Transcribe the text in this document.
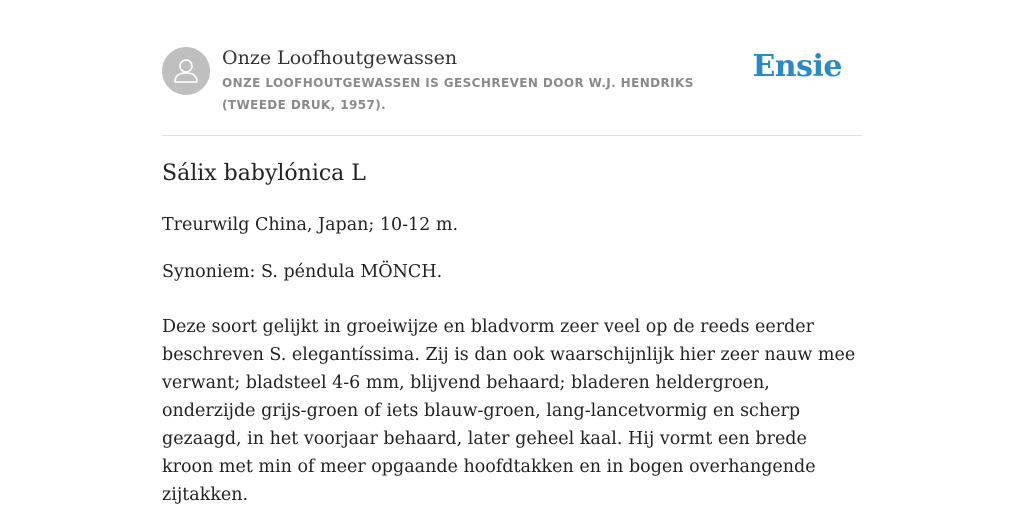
Onze Loofhoutgewassen
ONZE LOOFHOUTGEWASSEN IS GESCHREVEN DOOR W.J. HENDRIKS (TWEEDE DRUK, 1957).
Ensie
Sálix babylónica L

Treurwilg China, Japan; 10-12 m.

Synoniem: S. péndula MÖNCH.

Deze soort gelijkt in groeiwijze en bladvorm zeer veel op de reeds eerder beschreven S. elegantíssima. Zij is dan ook waarschijnlijk hier zeer nauw mee verwant; bladsteel 4-6 mm, blijvend behaard; bladeren heldergroen, onderzijde grijs-groen of iets blauw-groen, lang-lancetvormig en scherp gezaagd, in het voorjaar behaard, later geheel kaal. Hij vormt een brede kroon met min of meer opgaande hoofdtakken en in bogen overhangende zijtakken.
